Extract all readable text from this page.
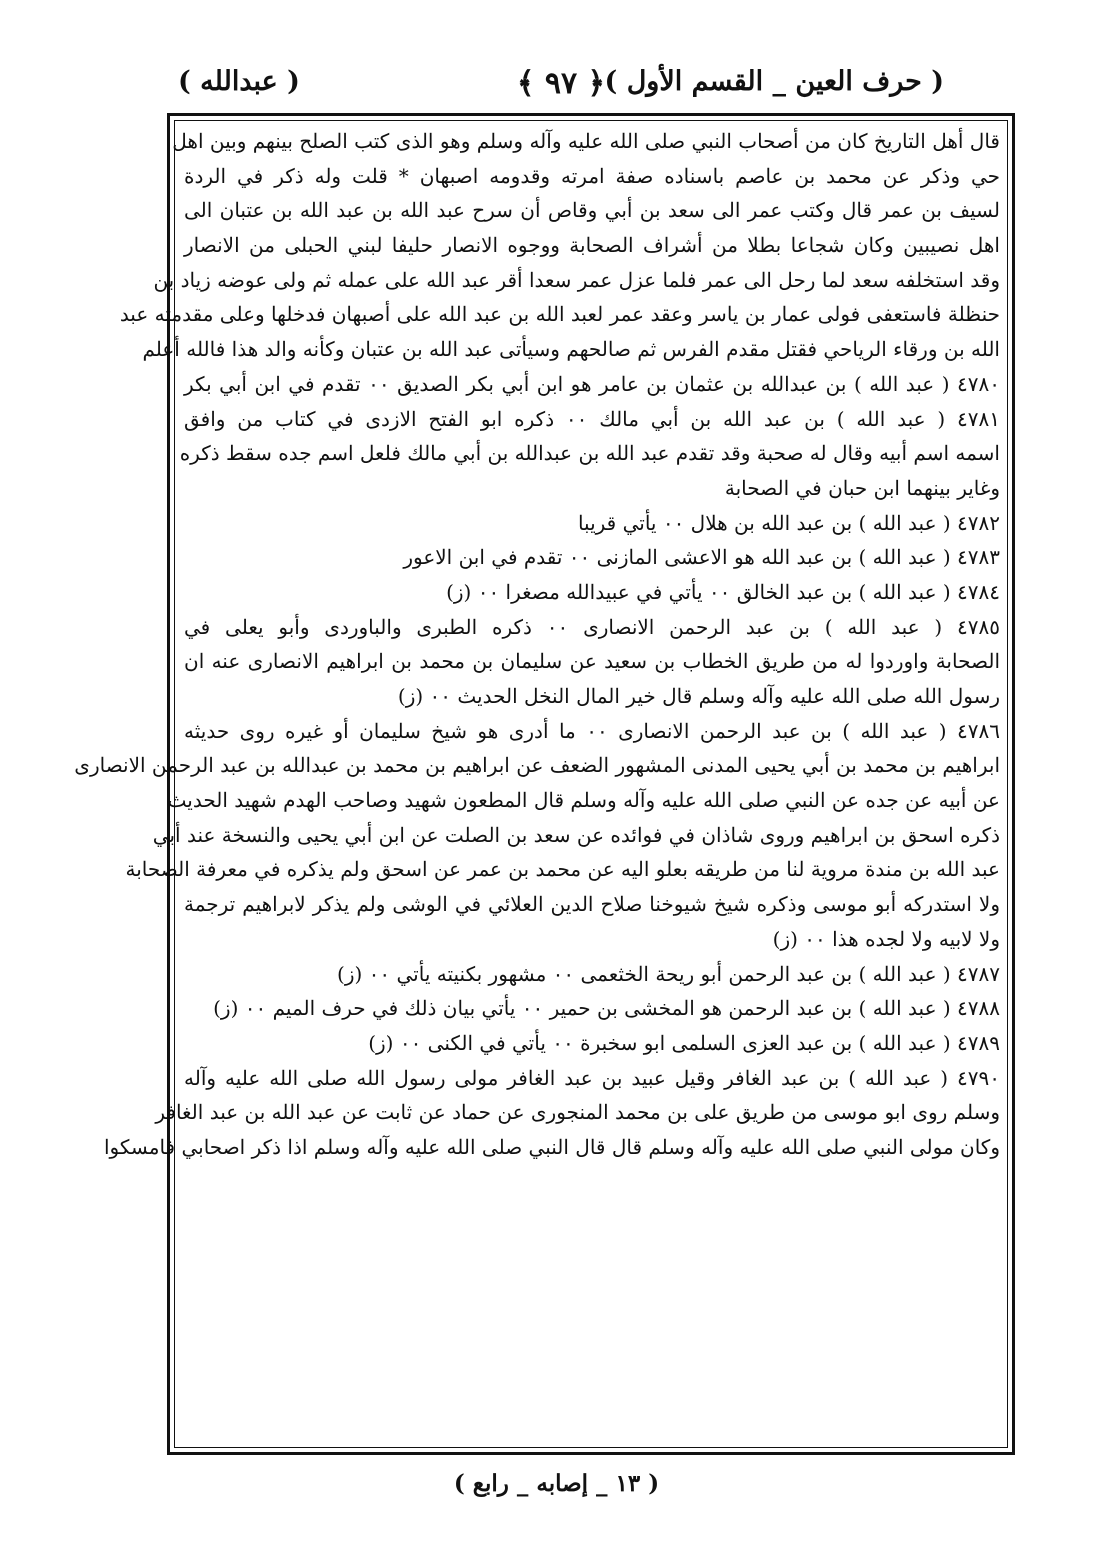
( حرف العين _ القسم الأول )
﴿ ٩٧ ﴾
( عبدالله )
قال أهل التاريخ كان من أصحاب النبي صلى الله عليه وآله وسلم وهو الذى كتب الصلح بينهم وبين اهل
حي وذكر عن محمد بن عاصم باسناده صفة امرته وقدومه اصبهان * قلت وله ذكر في الردة
لسيف بن عمر قال وكتب عمر الى سعد بن أبي وقاص أن سرح عبد الله بن عبد الله بن عتبان الى
اهل نصيبين وكان شجاعا بطلا من أشراف الصحابة ووجوه الانصار حليفا لبني الحبلى من الانصار
وقد استخلفه سعد لما رحل الى عمر فلما عزل عمر سعدا أقر عبد الله على عمله ثم ولى عوضه زياد بن
حنظلة فاستعفى فولى عمار بن ياسر وعقد عمر لعبد الله بن عبد الله على أصبهان فدخلها وعلى مقدمته عبد
الله بن ورقاء الرياحي فقتل مقدم الفرس ثم صالحهم وسيأتى عبد الله بن عتبان وكأنه والد هذا فالله أعلم
٤٧٨٠ ( عبد الله ) بن عبدالله بن عثمان بن عامر هو ابن أبي بكر الصديق ٠٠ تقدم في ابن أبي بكر
٤٧٨١ ( عبد الله ) بن عبد الله بن أبي مالك ٠٠ ذكره ابو الفتح الازدى في كتاب من وافق
اسمه اسم أبيه وقال له صحبة وقد تقدم عبد الله بن عبدالله بن أبي مالك فلعل اسم جده سقط ذكره
وغاير بينهما ابن حبان في الصحابة
٤٧٨٢ ( عبد الله ) بن عبد الله بن هلال ٠٠ يأتي قريبا
٤٧٨٣ ( عبد الله ) بن عبد الله هو الاعشى المازنى ٠٠ تقدم في ابن الاعور
٤٧٨٤ ( عبد الله ) بن عبد الخالق ٠٠ يأتي في عبيدالله مصغرا ٠٠ (ز)
٤٧٨٥ ( عبد الله ) بن عبد الرحمن الانصارى ٠٠ ذكره الطبرى والباوردى وأبو يعلى في
الصحابة واوردوا له من طريق الخطاب بن سعيد عن سليمان بن محمد بن ابراهيم الانصارى عنه ان
رسول الله صلى الله عليه وآله وسلم قال خير المال النخل الحديث ٠٠ (ز)
٤٧٨٦ ( عبد الله ) بن عبد الرحمن الانصارى ٠٠ ما أدرى هو شيخ سليمان أو غيره روى حديثه
ابراهيم بن محمد بن أبي يحيى المدنى المشهور الضعف عن ابراهيم بن محمد بن عبدالله بن عبد الرحمن الانصارى
عن أبيه عن جده عن النبي صلى الله عليه وآله وسلم قال المطعون شهيد وصاحب الهدم شهيد الحديث
ذكره اسحق بن ابراهيم وروى شاذان في فوائده عن سعد بن الصلت عن ابن أبي يحيى والنسخة عند أبي
عبد الله بن مندة مروية لنا من طريقه بعلو اليه عن محمد بن عمر عن اسحق ولم يذكره في معرفة الصحابة
ولا استدركه أبو موسى وذكره شيخ شيوخنا صلاح الدين العلائي في الوشى ولم يذكر لابراهيم ترجمة
ولا لابيه ولا لجده هذا ٠٠ (ز)
٤٧٨٧ ( عبد الله ) بن عبد الرحمن أبو ريحة الخثعمى ٠٠ مشهور بكنيته يأتي ٠٠ (ز)
٤٧٨٨ ( عبد الله ) بن عبد الرحمن هو المخشى بن حمير ٠٠ يأتي بيان ذلك في حرف الميم ٠٠ (ز)
٤٧٨٩ ( عبد الله ) بن عبد العزى السلمى ابو سخبرة ٠٠ يأتي في الكنى ٠٠ (ز)
٤٧٩٠ ( عبد الله ) بن عبد الغافر وقيل عبيد بن عبد الغافر مولى رسول الله صلى الله عليه وآله
وسلم روى ابو موسى من طريق على بن محمد المنجورى عن حماد عن ثابت عن عبد الله بن عبد الغافر
وكان مولى النبي صلى الله عليه وآله وسلم قال قال النبي صلى الله عليه وآله وسلم اذا ذكر اصحابي فامسكوا
( ١٣ _ إصابه _ رابع )
